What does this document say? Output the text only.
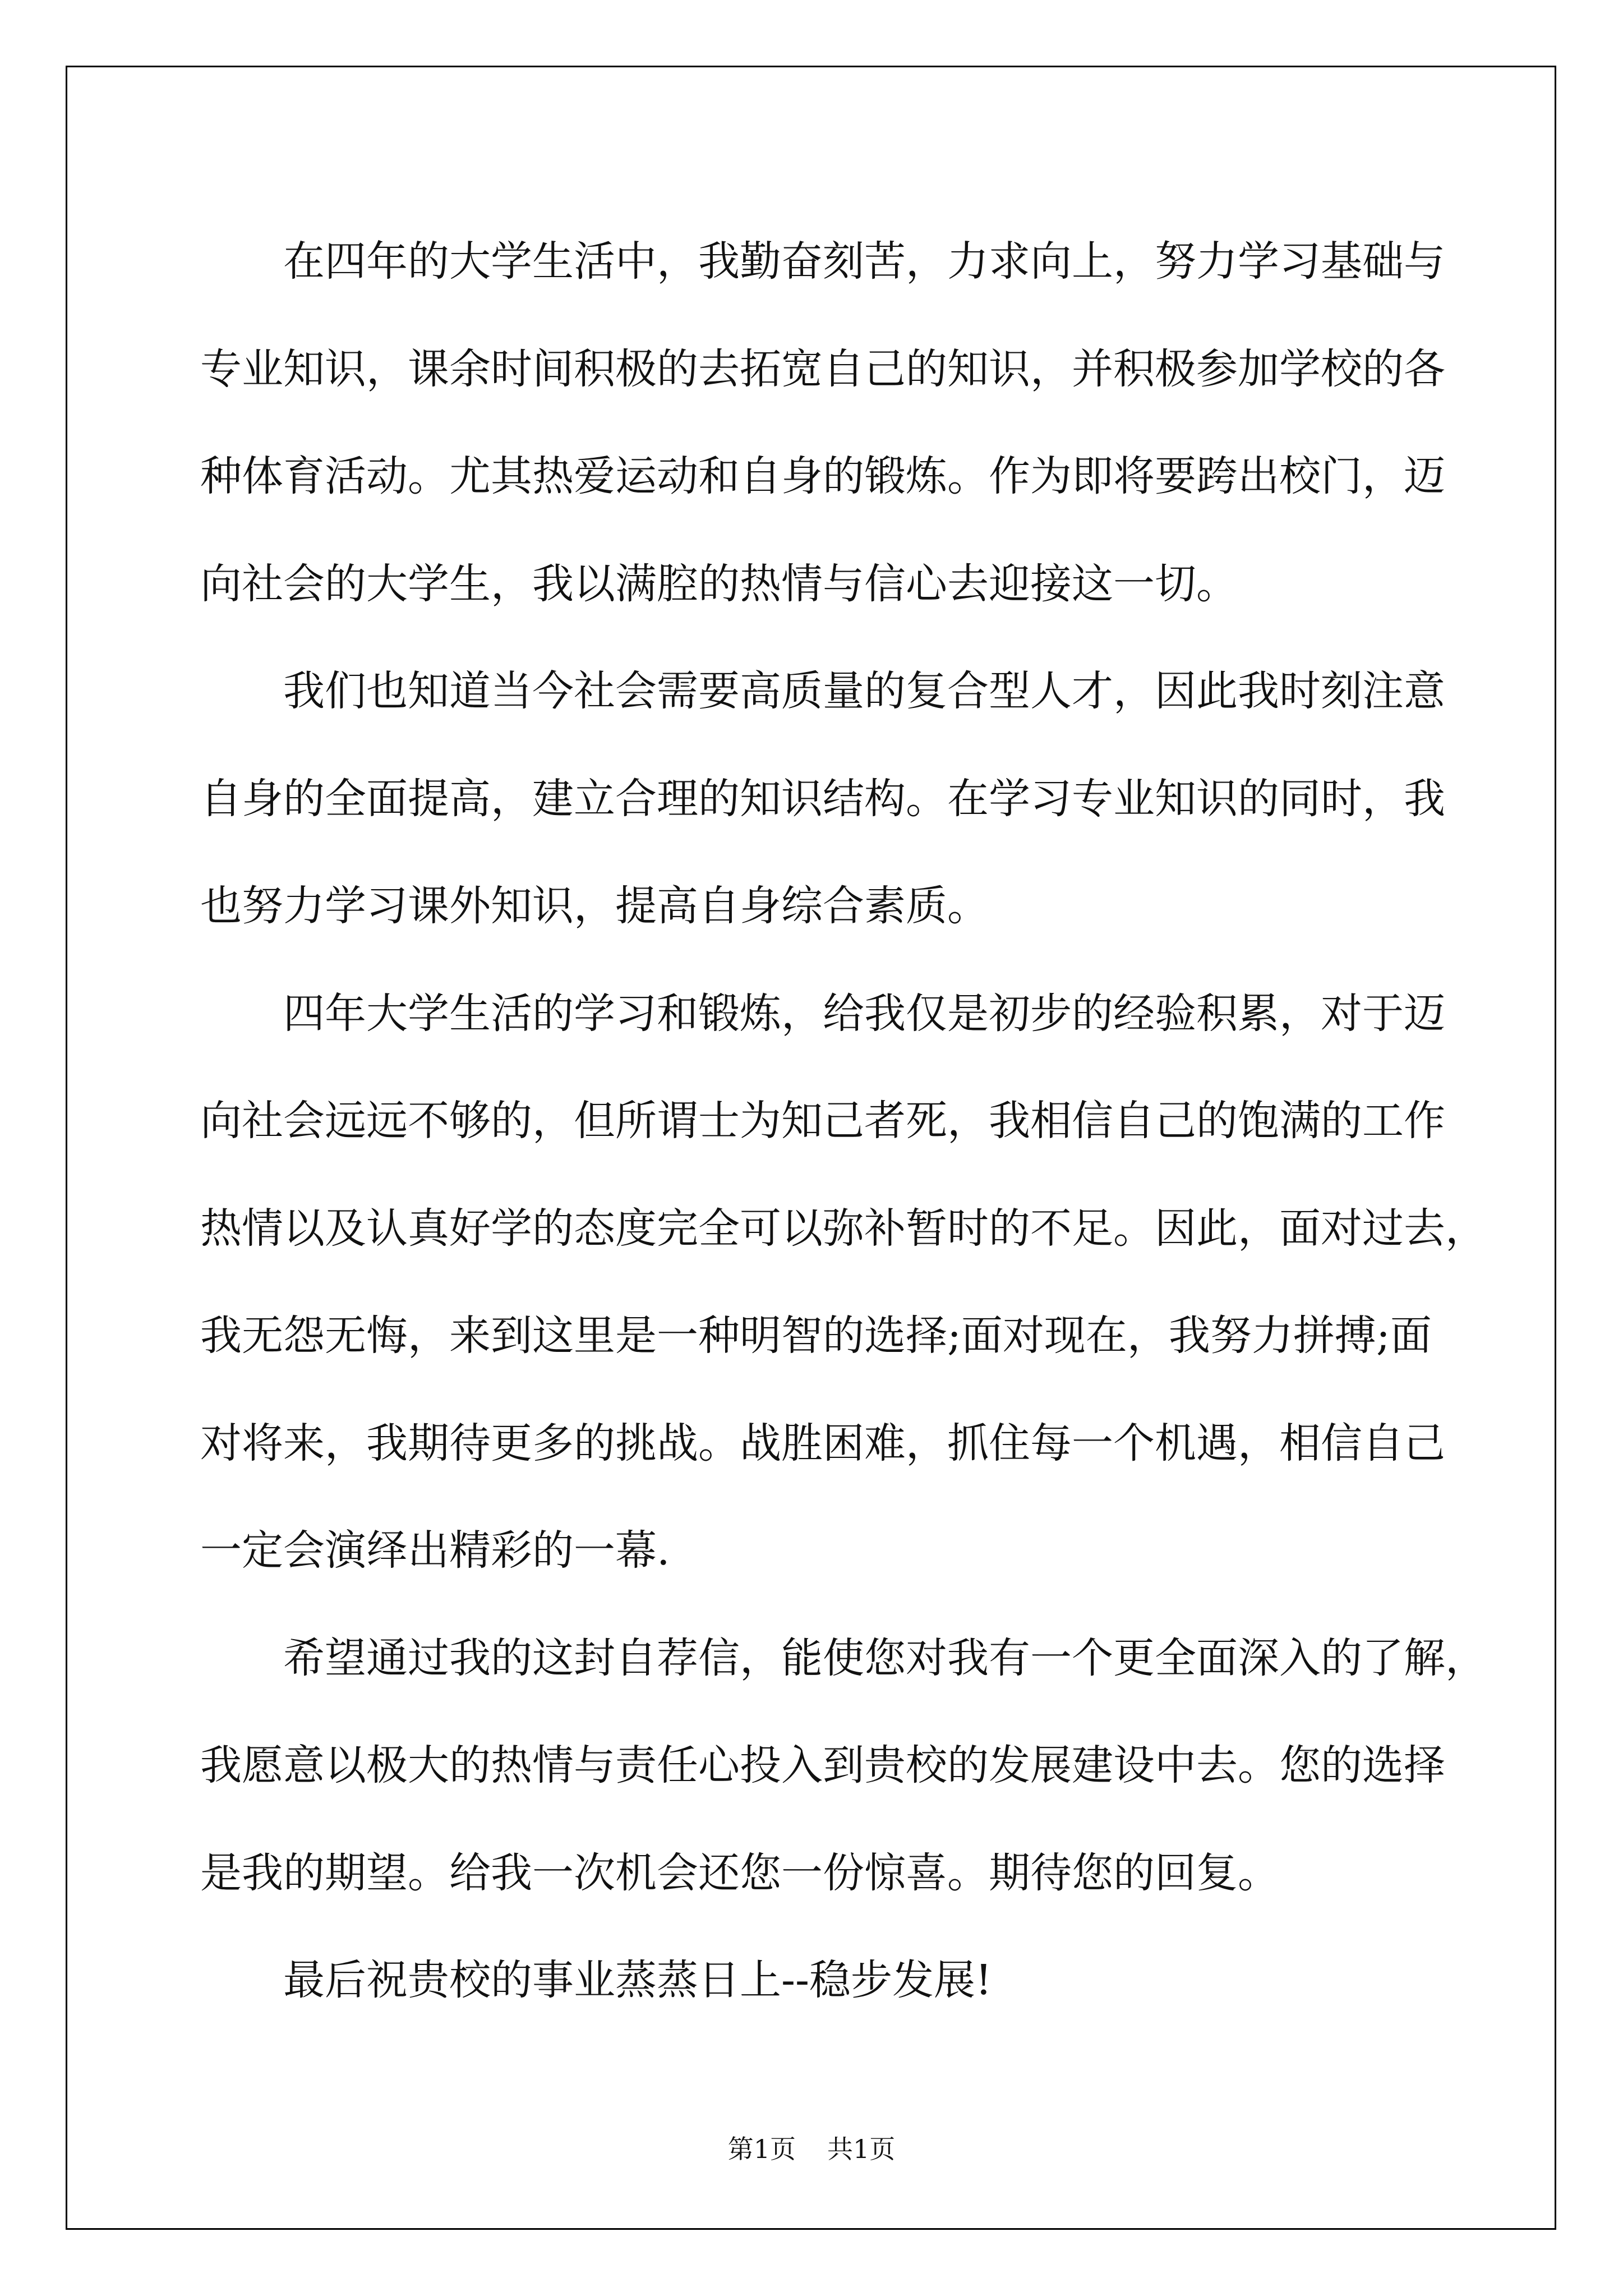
在四年的大学生活中，我勤奋刻苦，力求向上，努力学习基础与
专业知识，课余时间积极的去拓宽自己的知识，并积极参加学校的各
种体育活动。尤其热爱运动和自身的锻炼。作为即将要跨出校门，迈
向社会的大学生，我以满腔的热情与信心去迎接这一切。
我们也知道当今社会需要高质量的复合型人才，因此我时刻注意
自身的全面提高，建立合理的知识结构。在学习专业知识的同时，我
也努力学习课外知识，提高自身综合素质。
四年大学生活的学习和锻炼，给我仅是初步的经验积累，对于迈
向社会远远不够的，但所谓士为知己者死，我相信自己的饱满的工作
热情以及认真好学的态度完全可以弥补暂时的不足。因此，面对过去，
我无怨无悔，来到这里是一种明智的选择;面对现在，我努力拼搏;面
对将来，我期待更多的挑战。战胜困难，抓住每一个机遇，相信自己
一定会演绎出精彩的一幕.
希望通过我的这封自荐信，能使您对我有一个更全面深入的了解，
我愿意以极大的热情与责任心投入到贵校的发展建设中去。您的选择
是我的期望。给我一次机会还您一份惊喜。期待您的回复。
最后祝贵校的事业蒸蒸日上--稳步发展!
第1页 共1页
